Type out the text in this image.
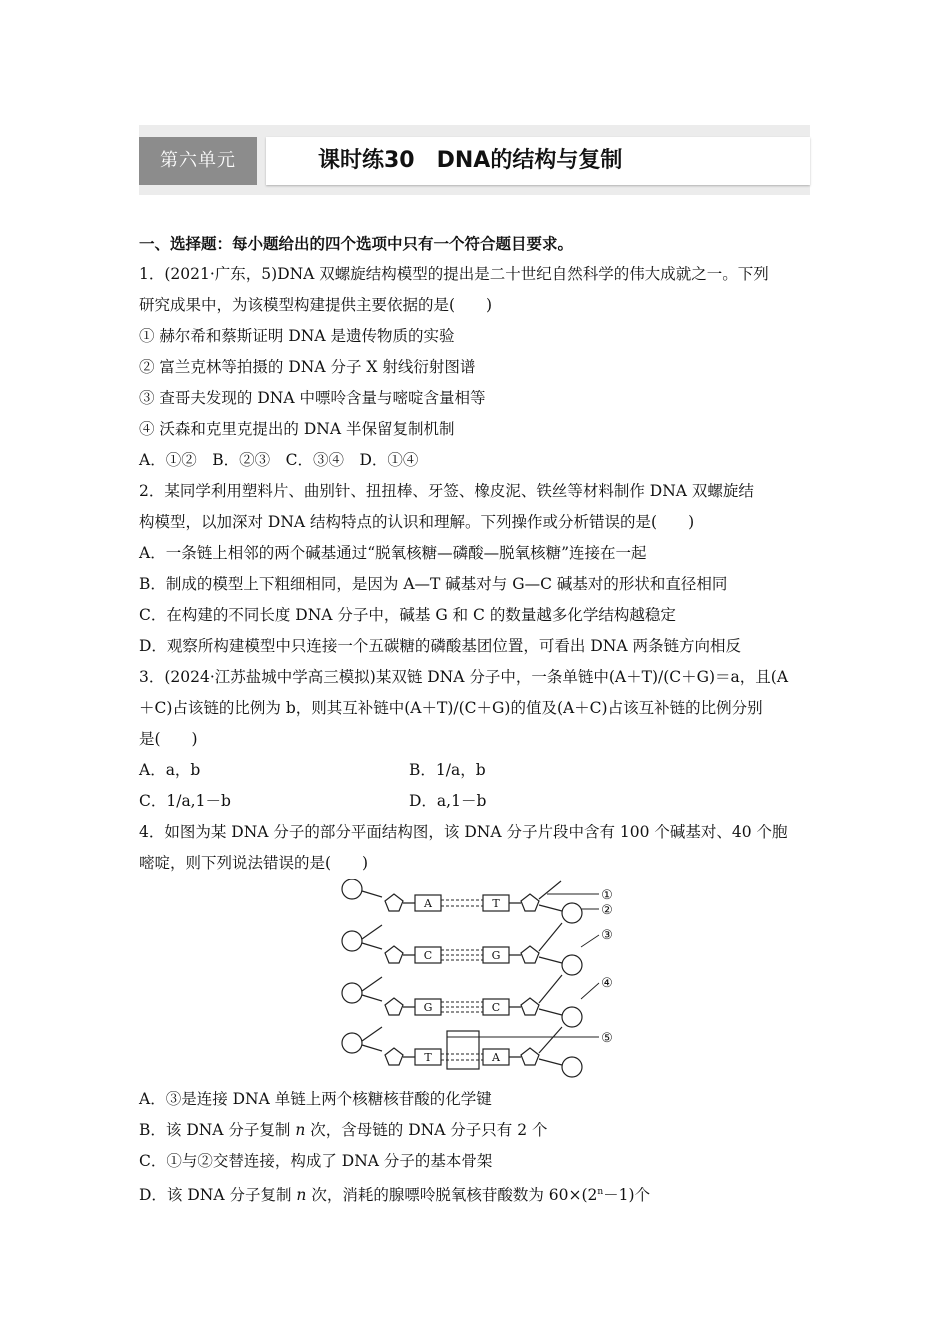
第六单元	课时练30　DNA的结构与复制
一、选择题：每小题给出的四个选项中只有一个符合题目要求。
1．(2021·广东，5)DNA 双螺旋结构模型的提出是二十世纪自然科学的伟大成就之一。下列
研究成果中，为该模型构建提供主要依据的是(　　)
① 赫尔希和蔡斯证明 DNA 是遗传物质的实验
② 富兰克林等拍摄的 DNA 分子 X 射线衍射图谱
③ 查哥夫发现的 DNA 中嘌呤含量与嘧啶含量相等
④ 沃森和克里克提出的 DNA 半保留复制机制
A．①②　B．②③　C．③④　D．①④
2．某同学利用塑料片、曲别针、扭扭棒、牙签、橡皮泥、铁丝等材料制作 DNA 双螺旋结
构模型，以加深对 DNA 结构特点的认识和理解。下列操作或分析错误的是(　　)
A．一条链上相邻的两个碱基通过“脱氧核糖—磷酸—脱氧核糖”连接在一起
B．制成的模型上下粗细相同，是因为 A—T 碱基对与 G—C 碱基对的形状和直径相同
C．在构建的不同长度 DNA 分子中，碱基 G 和 C 的数量越多化学结构越稳定
D．观察所构建模型中只连接一个五碳糖的磷酸基团位置，可看出 DNA 两条链方向相反
3．(2024·江苏盐城中学高三模拟)某双链 DNA 分子中，一条单链中(A＋T)/(C＋G)＝a，且(A
＋C)占该链的比例为 b，则其互补链中(A＋T)/(C＋G)的值及(A＋C)占该互补链的比例分别
是(　　)
A．a，b	B．1/a，b
C．1/a,1－b	D．a,1－b
4．如图为某 DNA 分子的部分平面结构图，该 DNA 分子片段中含有 100 个碱基对、40 个胞
嘧啶，则下列说法错误的是(　　)
A	T
C	G
G	C
T	A
①
②
③
④
⑤
A．③是连接 DNA 单链上两个核糖核苷酸的化学键
B．该 DNA 分子复制 n 次，含母链的 DNA 分子只有 2 个
C．①与②交替连接，构成了 DNA 分子的基本骨架
D．该 DNA 分子复制 n 次，消耗的腺嘌呤脱氧核苷酸数为 $60\times(2^n-1)$个
